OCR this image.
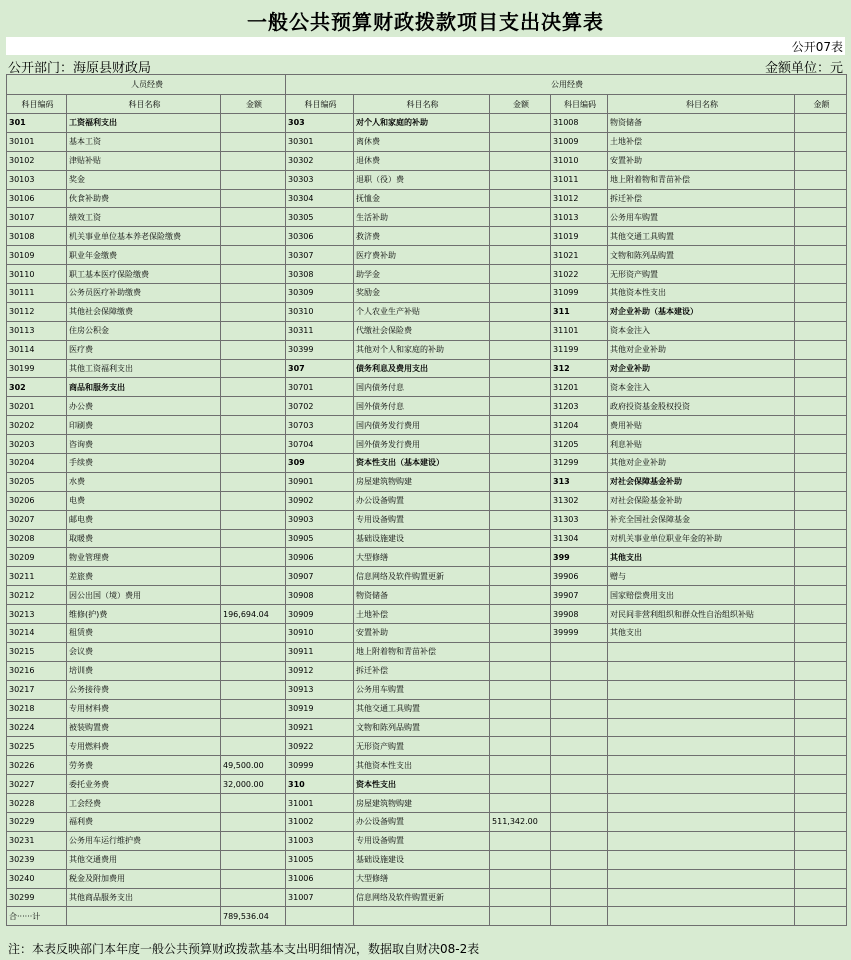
一般公共预算财政拨款项目支出决算表
公开07表
公开部门：海原县财政局	金额单位：元
人员经费			公用经费					
科目编码	科目名称	金额	科目编码	科目名称	金额	科目编码	科目名称	金额
301	工资福利支出		303	对个人和家庭的补助		31008	物资储备	
30101	基本工资		30301	离休费		31009	土地补偿	
30102	津贴补贴		30302	退休费		31010	安置补助	
30103	奖金		30303	退职（役）费		31011	地上附着物和青苗补偿	
30106	伙食补助费		30304	抚恤金		31012	拆迁补偿	
30107	绩效工资		30305	生活补助		31013	公务用车购置	
30108	机关事业单位基本养老保险缴费		30306	救济费		31019	其他交通工具购置	
30109	职业年金缴费		30307	医疗费补助		31021	文物和陈列品购置	
30110	职工基本医疗保险缴费		30308	助学金		31022	无形资产购置	
30111	公务员医疗补助缴费		30309	奖励金		31099	其他资本性支出	
30112	其他社会保障缴费		30310	个人农业生产补贴		311	对企业补助（基本建设）	
30113	住房公积金		30311	代缴社会保险费		31101	资本金注入	
30114	医疗费		30399	其他对个人和家庭的补助		31199	其他对企业补助	
30199	其他工资福利支出		307	债务利息及费用支出		312	对企业补助	
302	商品和服务支出		30701	国内债务付息		31201	资本金注入	
30201	办公费		30702	国外债务付息		31203	政府投资基金股权投资	
30202	印刷费		30703	国内债务发行费用		31204	费用补贴	
30203	咨询费		30704	国外债务发行费用		31205	利息补贴	
30204	手续费		309	资本性支出（基本建设）		31299	其他对企业补助	
30205	水费		30901	房屋建筑物购建		313	对社会保障基金补助	
30206	电费		30902	办公设备购置		31302	对社会保险基金补助	
30207	邮电费		30903	专用设备购置		31303	补充全国社会保障基金	
30208	取暖费		30905	基础设施建设		31304	对机关事业单位职业年金的补助	
30209	物业管理费		30906	大型修缮		399	其他支出	
30211	差旅费		30907	信息网络及软件购置更新		39906	赠与	
30212	因公出国（境）费用		30908	物资储备		39907	国家赔偿费用支出	
30213	维修(护)费	196,694.04	30909	土地补偿		39908	对民间非营利组织和群众性自治组织补贴	
30214	租赁费		30910	安置补助		39999	其他支出	
30215	会议费		30911	地上附着物和青苗补偿				
30216	培训费		30912	拆迁补偿				
30217	公务接待费		30913	公务用车购置				
30218	专用材料费		30919	其他交通工具购置				
30224	被装购置费		30921	文物和陈列品购置				
30225	专用燃料费		30922	无形资产购置				
30226	劳务费	49,500.00	30999	其他资本性支出				
30227	委托业务费	32,000.00	310	资本性支出				
30228	工会经费		31001	房屋建筑物购建				
30229	福利费		31002	办公设备购置	511,342.00			
30231	公务用车运行维护费		31003	专用设备购置				
30239	其他交通费用		31005	基础设施建设				
30240	税金及附加费用		31006	大型修缮				
30299	其他商品服务支出		31007	信息网络及软件购置更新				
合······计		789,536.04						
注：本表反映部门本年度一般公共预算财政拨款基本支出明细情况，数据取自财决08-2表
